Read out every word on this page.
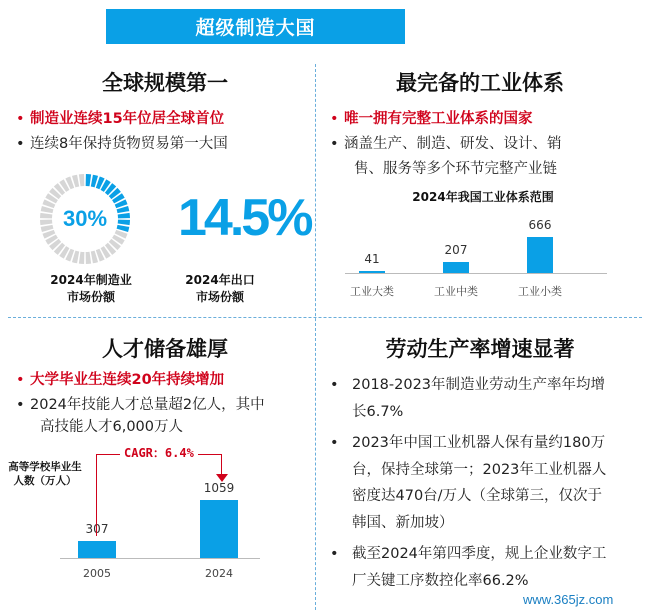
超级制造大国
全球规模第一
• 制造业连续15年位居全球首位
• 连续8年保持货物贸易第一大国
30%
2024年制造业
市场份额
14.5%
2024年出口
市场份额
最完备的工业体系
• 唯一拥有完整工业体系的国家
• 涵盖生产、制造、研发、设计、销
售、服务等多个环节完整产业链
2024年我国工业体系范围
41
工业大类
207
工业中类
666
工业小类
人才储备雄厚
• 大学毕业生连续20年持续增加
• 2024年技能人才总量超2亿人，其中
高技能人才6,000万人
高等学校毕业生
人数（万人）
307
2005
1059
2024
CAGR：6.4%
劳动生产率增速显著
• 2018-2023年制造业劳动生产率年均增
长6.7%
• 2023年中国工业机器人保有量约180万
台，保持全球第一；2023年工业机器人
密度达470台/万人（全球第三，仅次于
韩国、新加坡）
• 截至2024年第四季度，规上企业数字工
厂关键工序数控化率66.2%
www.365jz.com
